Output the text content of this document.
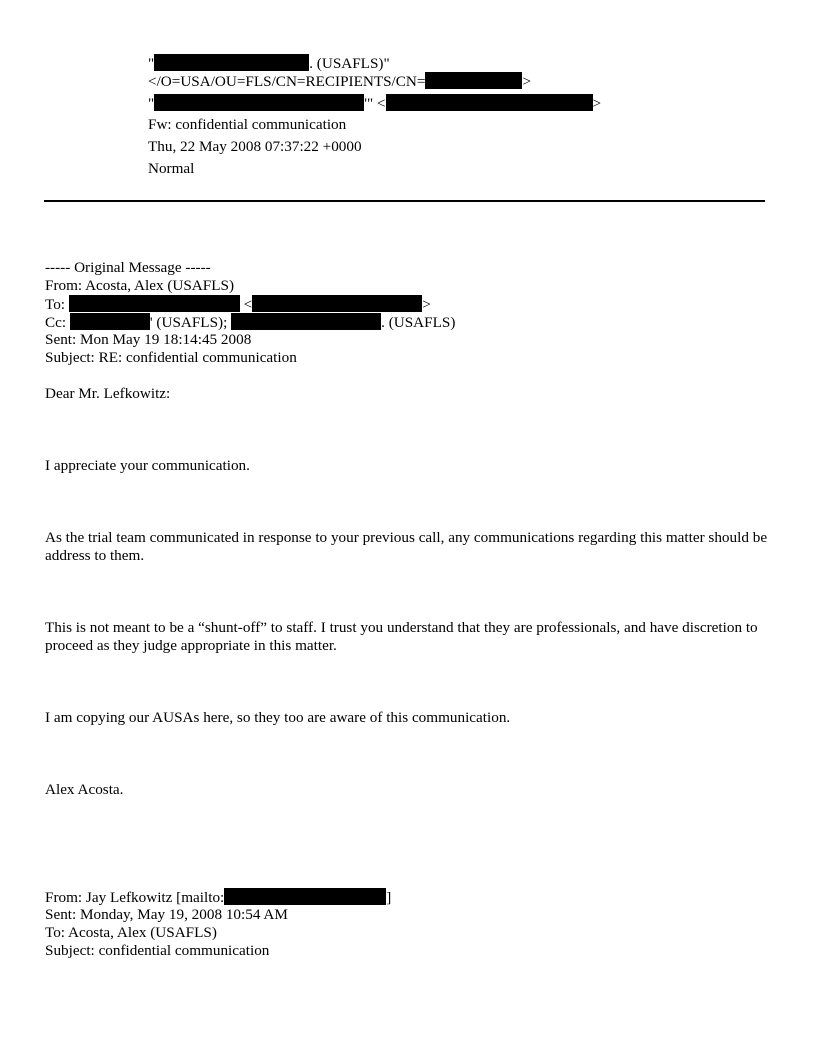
"	. (USAFLS)"
</O=USA/OU=FLS/CN=RECIPIENTS/CN=	>
"	'" <	>
Fw: confidential communication
Thu, 22 May 2008 07:37:22 +0000
Normal
----- Original Message -----
From: Acosta, Alex (USAFLS)
To:	<	>
Cc:	' (USAFLS);	. (USAFLS)
Sent: Mon May 19 18:14:45 2008
Subject: RE: confidential communication
Dear Mr. Lefkowitz:
I appreciate your communication.
As the trial team communicated in response to your previous call, any communications regarding this matter should be address to them.
This is not meant to be a “shunt-off” to staff. I trust you understand that they are professionals, and have discretion to proceed as they judge appropriate in this matter.
I am copying our AUSAs here, so they too are aware of this communication.
Alex Acosta.
From: Jay Lefkowitz [mailto:	]
Sent: Monday, May 19, 2008 10:54 AM
To: Acosta, Alex (USAFLS)
Subject: confidential communication
